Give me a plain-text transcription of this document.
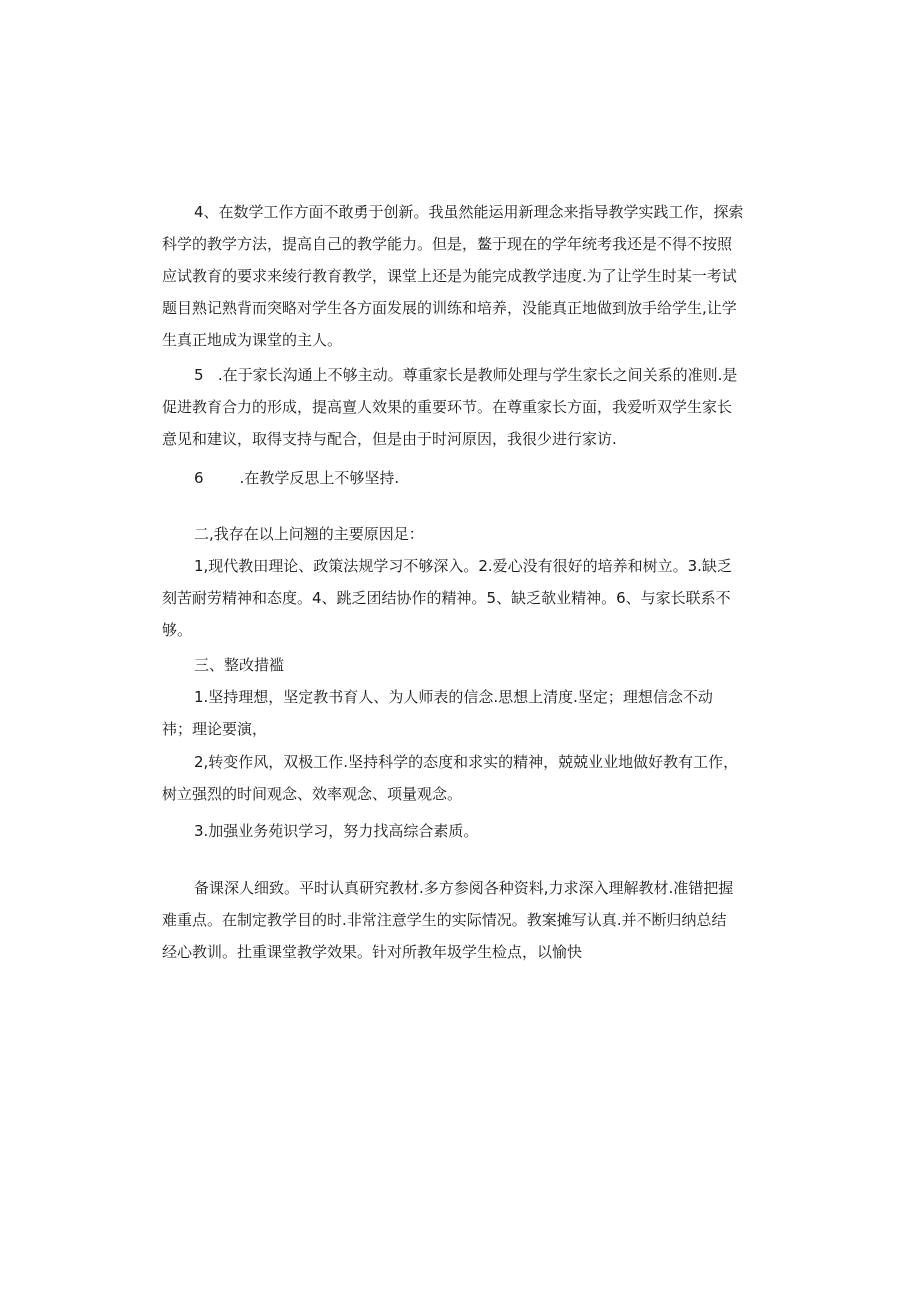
4、在数学工作方面不敢勇于创新。我虽然能运用新理念来指导教学实践工作，探索
科学的教学方法，提高自己的教学能力。但是，鳌于现在的学年统考我还是不得不按照
应试教育的要求来绫行教育教学，课堂上还是为能完成教学违度.为了让学生时某一考试
题目熟记熟背而突略对学生各方面发展的训练和培养，没能真正地做到放手给学生,让学
生真正地成为课堂的主人。
5   .在于家长沟通上不够主动。尊重家长是教师处理与学生家长之间关系的准则.是
促进教育合力的形成，提高亶人效果的重要环节。在尊重家长方面，我爱听双学生家长
意见和建议，取得支持与配合，但是由于时河原因，我很少进行家访.
6 .在教学反思上不够坚持.
二,我存在以上问翘的主要原因足：
1,现代教田理论、政策法规学习不够深入。2.爱心没有很好的培养和树立。3.缺乏
刻苦耐劳精神和态度。4、跳乏团结协作的精神。5、缺乏欹业精神。6、与家长联系不
够。
三、整改措褴
1.坚持理想，坚定教书育人、为人师表的信念.思想上清度.坚定；理想信念不动
祎；理论要演，
2,转变作风，双极工作.坚持科学的态度和求实的精神，兢兢业业地做好教有工作，
树立强烈的时间观念、效率观念、项量观念。
3.加强业务苑识学习，努力找高综合素质。
备课深人细致。平时认真研究教材.多方参阅各种资料,力求深入理解教材.准错把握
难重点。在制定教学目的时.非常注意学生的实际情况。教案摊写认真.并不断归纳总结
经心教训。扗重课堂教学效果。针对所教年圾学生检点，以愉快
